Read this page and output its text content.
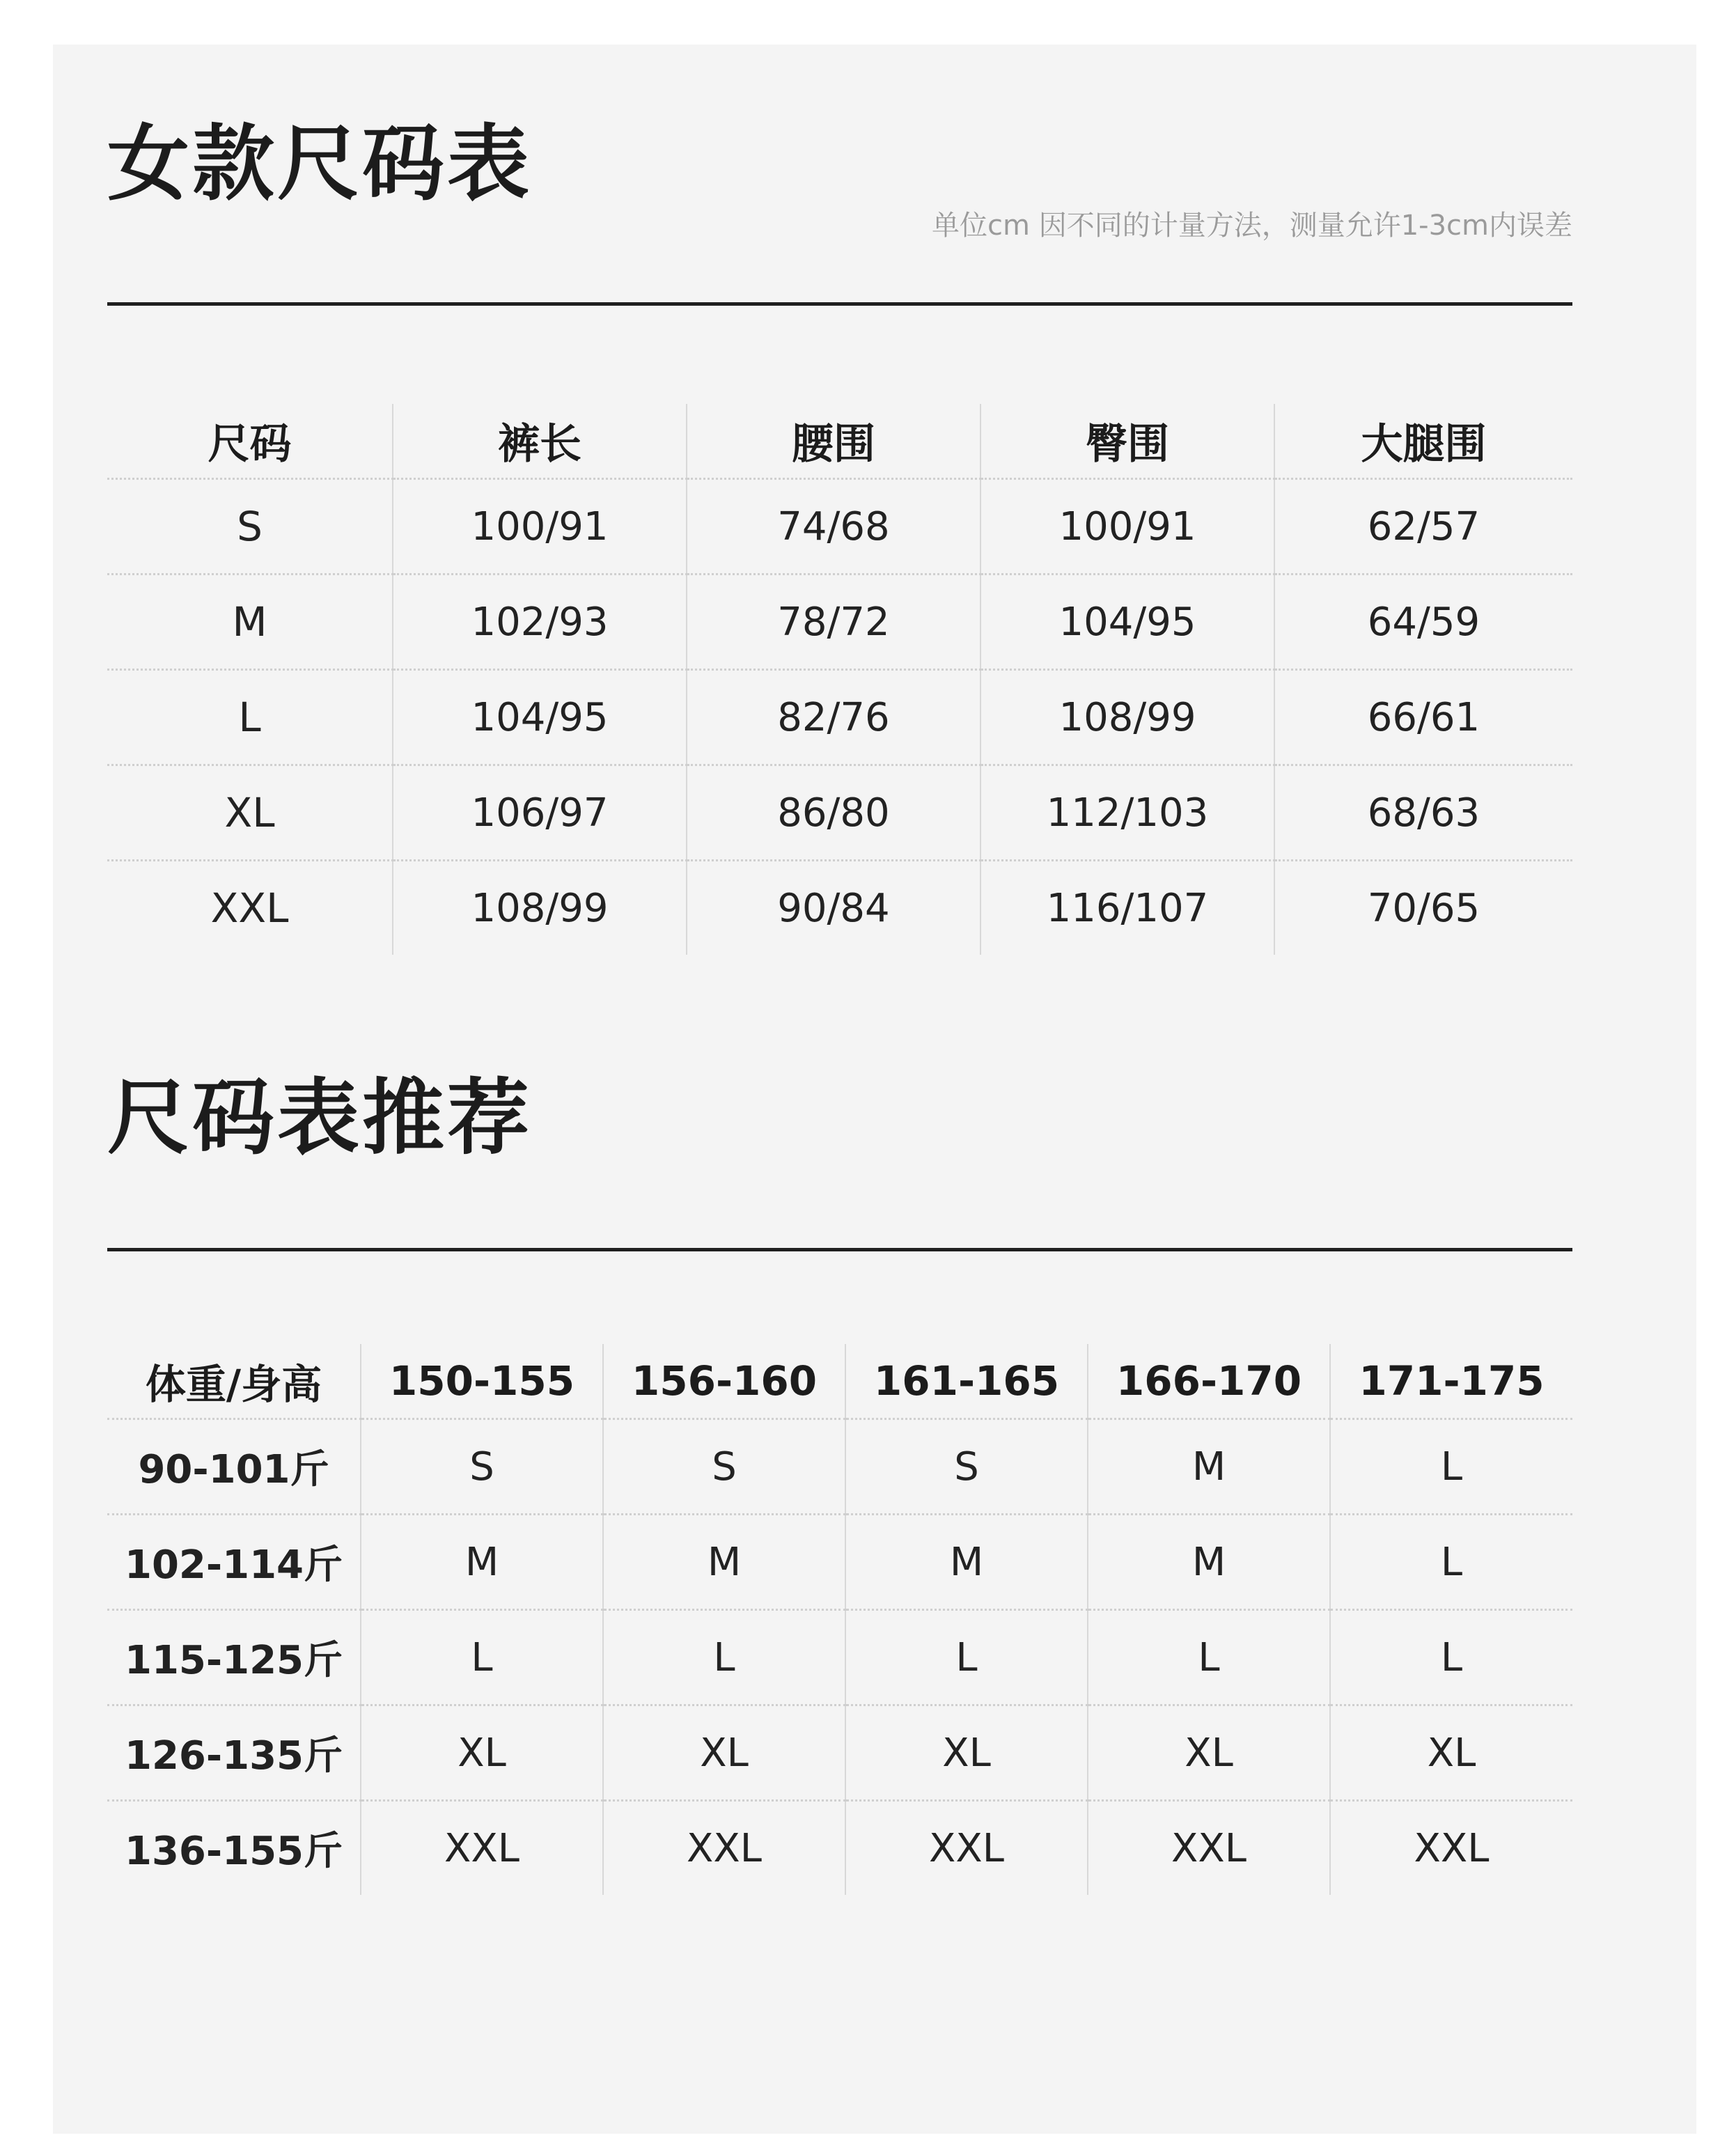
女款尺码表
单位cm 因不同的计量方法，测量允许1-3cm内误差
尺码	裤长	腰围	臀围	大腿围
S	100/91	74/68	100/91	62/57
M	102/93	78/72	104/95	64/59
L	104/95	82/76	108/99	66/61
XL	106/97	86/80	112/103	68/63
XXL	108/99	90/84	116/107	70/65
尺码表推荐
体重/身高	150-155	156-160	161-165	166-170	171-175
90-101斤	S	S	S	M	L
102-114斤	M	M	M	M	L
115-125斤	L	L	L	L	L
126-135斤	XL	XL	XL	XL	XL
136-155斤	XXL	XXL	XXL	XXL	XXL
